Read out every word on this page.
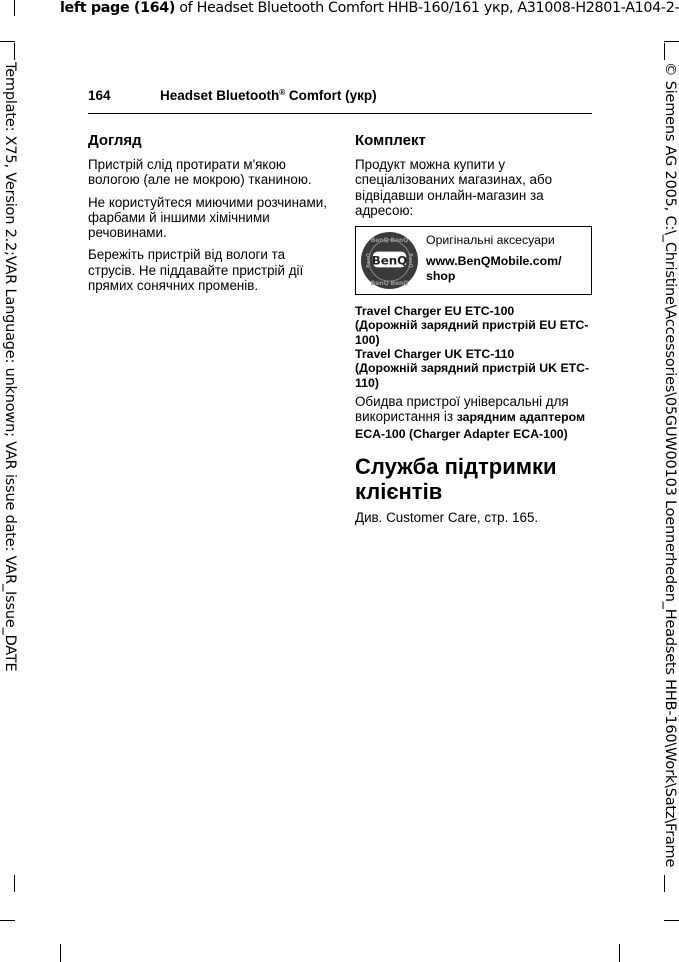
left page (164) of Headset Bluetooth Comfort HHB-160/161 укр, A31008-H2801-A104-2-
Template: X75, Version 2.2;VAR Language: unknown; VAR issue date: VAR_Issue_DATE	© Siemens AG 2005, C:\_Christine\Accessories\05GUW00103 Loennerheden_Headsets HHB-160\Work\Satz\Frame
164	Headset Bluetooth® Comfort (укр)
Догляд

Пристрій слід протирати м'якою вологою (але не мокрою) тканиною.

Не користуйтеся миючими розчинами, фарбами й іншими хімічними речовинами.

Бережіть пристрій від вологи та струсів. Не піддавайте пристрій дії прямих сонячних променів.

Комплект

Продукт можна купити у спеціалізованих магазинах, або відвідавши онлайн-магазин за адресою:

BenQ BenQ
BenQ BenQ
BenQ	BenQ
BenQ
Оригінальні аксесуари
www.BenQMobile.com/ shop
Travel Charger EU ETC-100
(Дорожній зарядний пристрій EU ETC-100)
Travel Charger UK ETC-110
(Дорожній зарядний пристрій UK ETC-110)

Обидва пристрої універсальні для використання із зарядним адаптером ECA-100 (Charger Adapter ECA-100)

Служба підтримки клієнтів

Див. Customer Care, стр. 165.
